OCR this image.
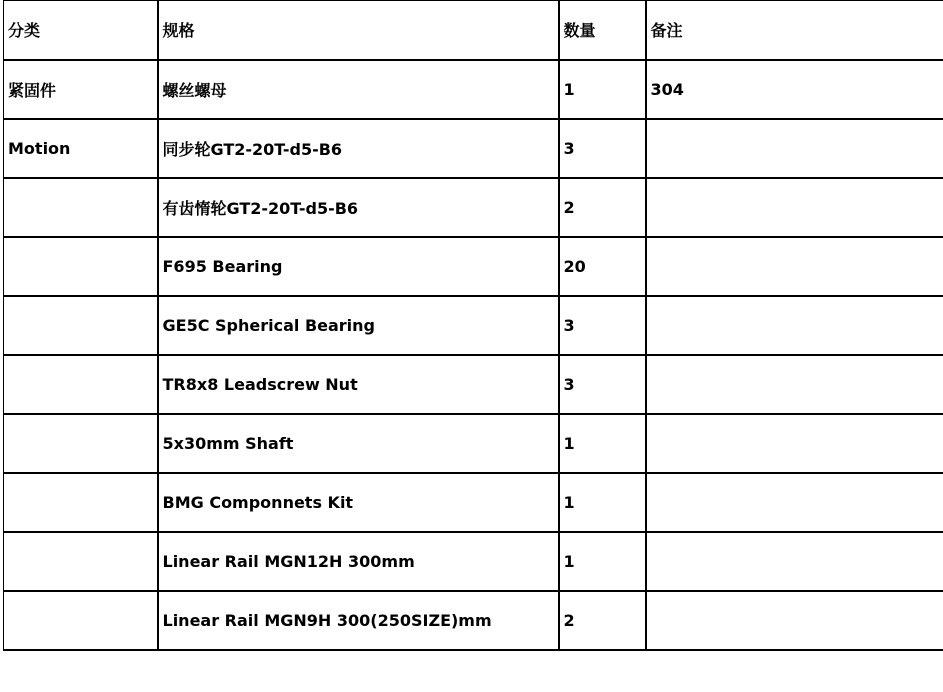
分类	规格	数量	备注
紧固件	螺丝螺母	1	304
Motion	同步轮GT2-20T-d5-B6	3	
	有齿惰轮GT2-20T-d5-B6	2	
	F695 Bearing	20	
	GE5C Spherical Bearing	3	
	TR8x8 Leadscrew Nut	3	
	5x30mm Shaft	1	
	BMG Componnets Kit	1	
	Linear Rail MGN12H 300mm	1	
	Linear Rail MGN9H 300(250SIZE)mm	2	
